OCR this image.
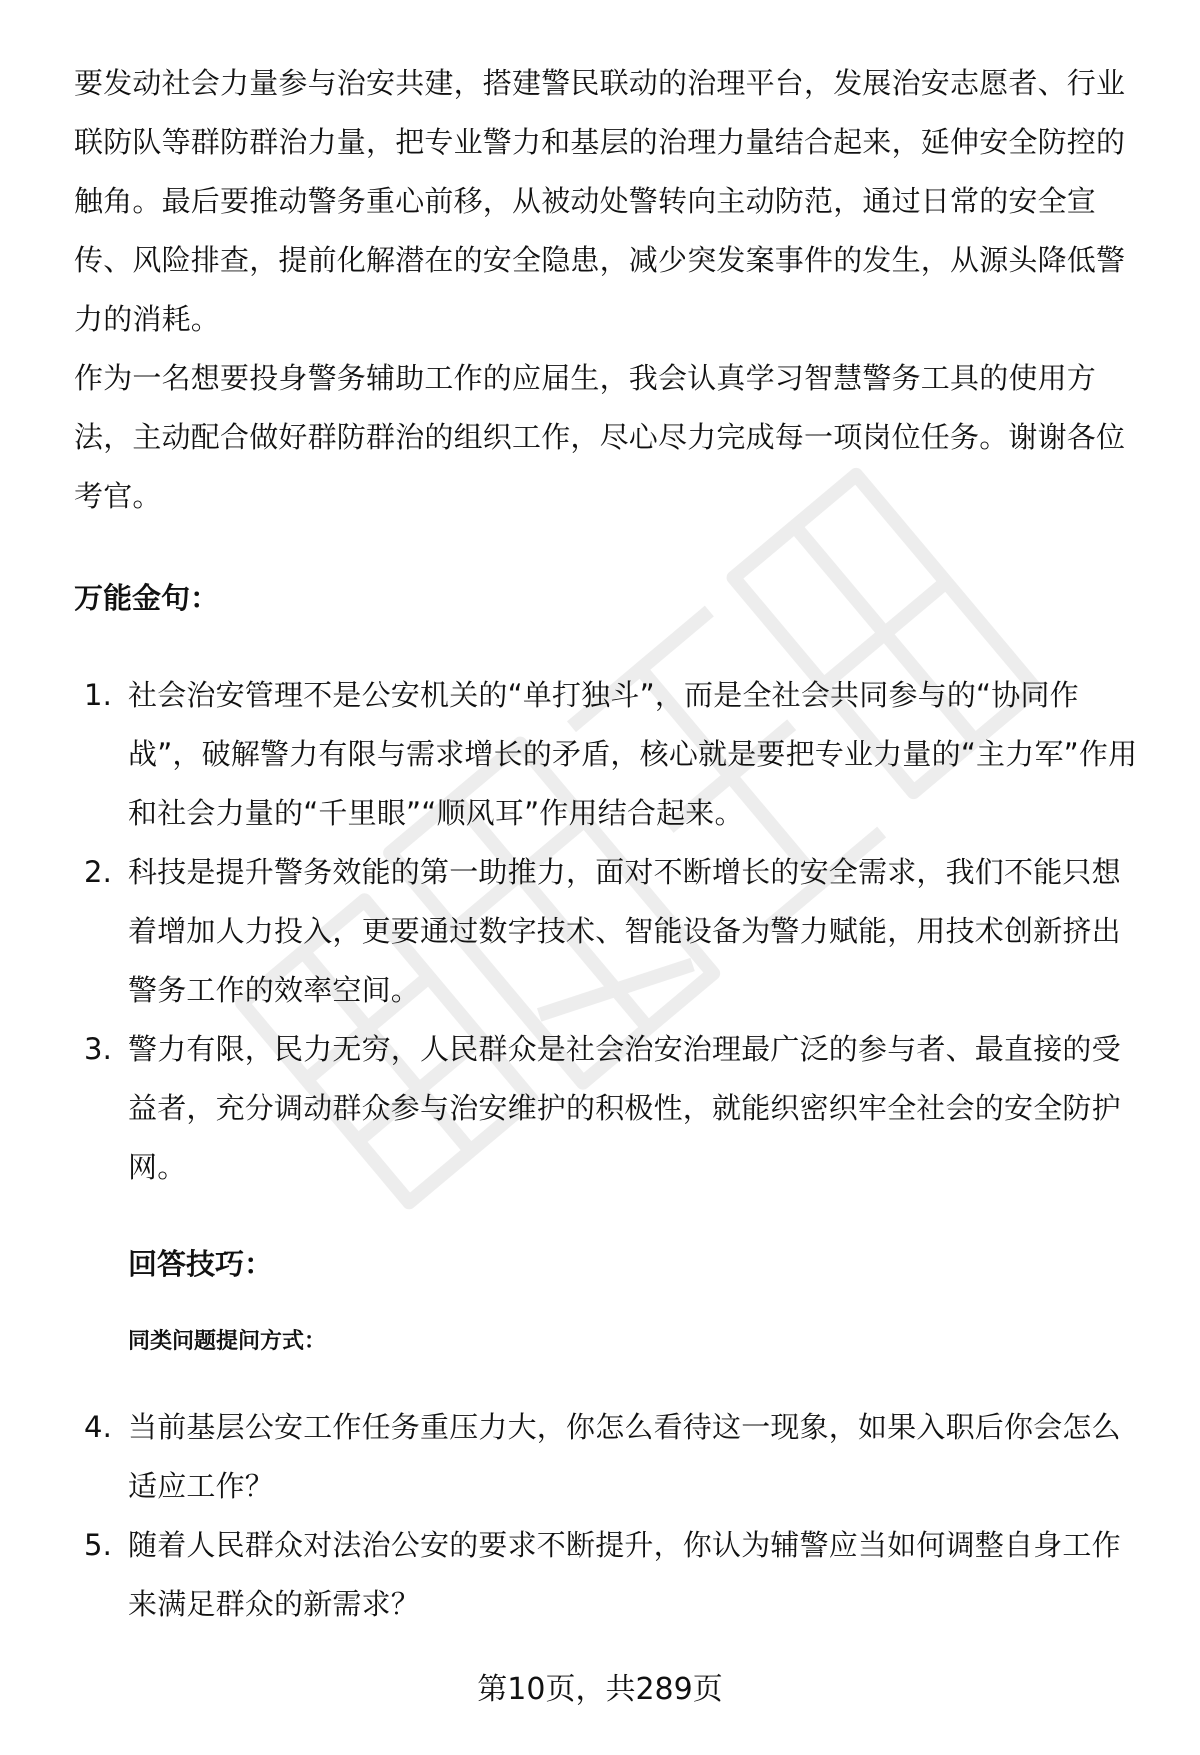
要发动社会力量参与治安共建，搭建警民联动的治理平台，发展治安志愿者、行业联防队等群防群治力量，把专业警力和基层的治理力量结合起来，延伸安全防控的触角。最后要推动警务重心前移，从被动处警转向主动防范，通过日常的安全宣传、风险排查，提前化解潜在的安全隐患，减少突发案事件的发生，从源头降低警力的消耗。

作为一名想要投身警务辅助工作的应届生，我会认真学习智慧警务工具的使用方法，主动配合做好群防群治的组织工作，尽心尽力完成每一项岗位任务。谢谢各位考官。

万能金句：

1. 社会治安管理不是公安机关的“单打独斗”，而是全社会共同参与的“协同作战”，破解警力有限与需求增长的矛盾，核心就是要把专业力量的“主力军”作用和社会力量的“千里眼”“顺风耳”作用结合起来。
2. 科技是提升警务效能的第一助推力，面对不断增长的安全需求，我们不能只想着增加人力投入，更要通过数字技术、智能设备为警力赋能，用技术创新挤出警务工作的效率空间。
3. 警力有限，民力无穷，人民群众是社会治安治理最广泛的参与者、最直接的受益者，充分调动群众参与治安维护的积极性，就能织密织牢全社会的安全防护网。

回答技巧：

同类问题提问方式：

4. 当前基层公安工作任务重压力大，你怎么看待这一现象，如果入职后你会怎么适应工作？
5. 随着人民群众对法治公安的要求不断提升，你认为辅警应当如何调整自身工作来满足群众的新需求？
第10页，共289页
